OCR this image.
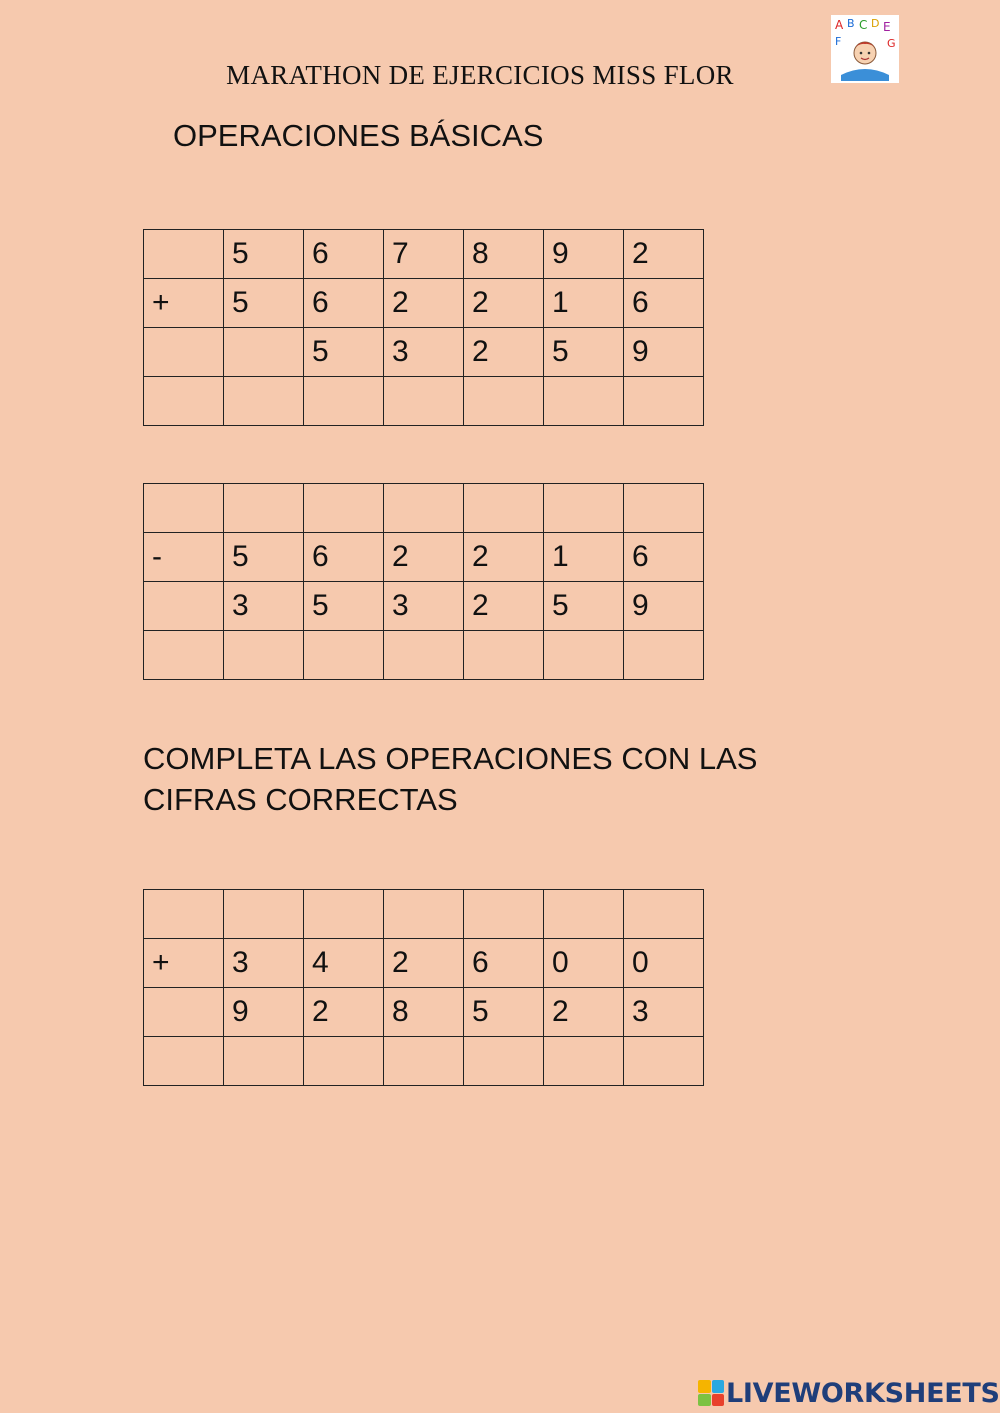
MARATHON DE EJERCICIOS MISS FLOR
A B C D E
F	G
OPERACIONES BÁSICAS
	5	6	7	8	9	2
+	5	6	2	2	1	6
		5	3	2	5	9

-	5	6	2	2	1	6
	3	5	3	2	5	9

COMPLETA LAS OPERACIONES CON LAS CIFRAS CORRECTAS

+	3	4	2	6	0	0
	9	2	8	5	2	3

LIVEWORKSHEETS
